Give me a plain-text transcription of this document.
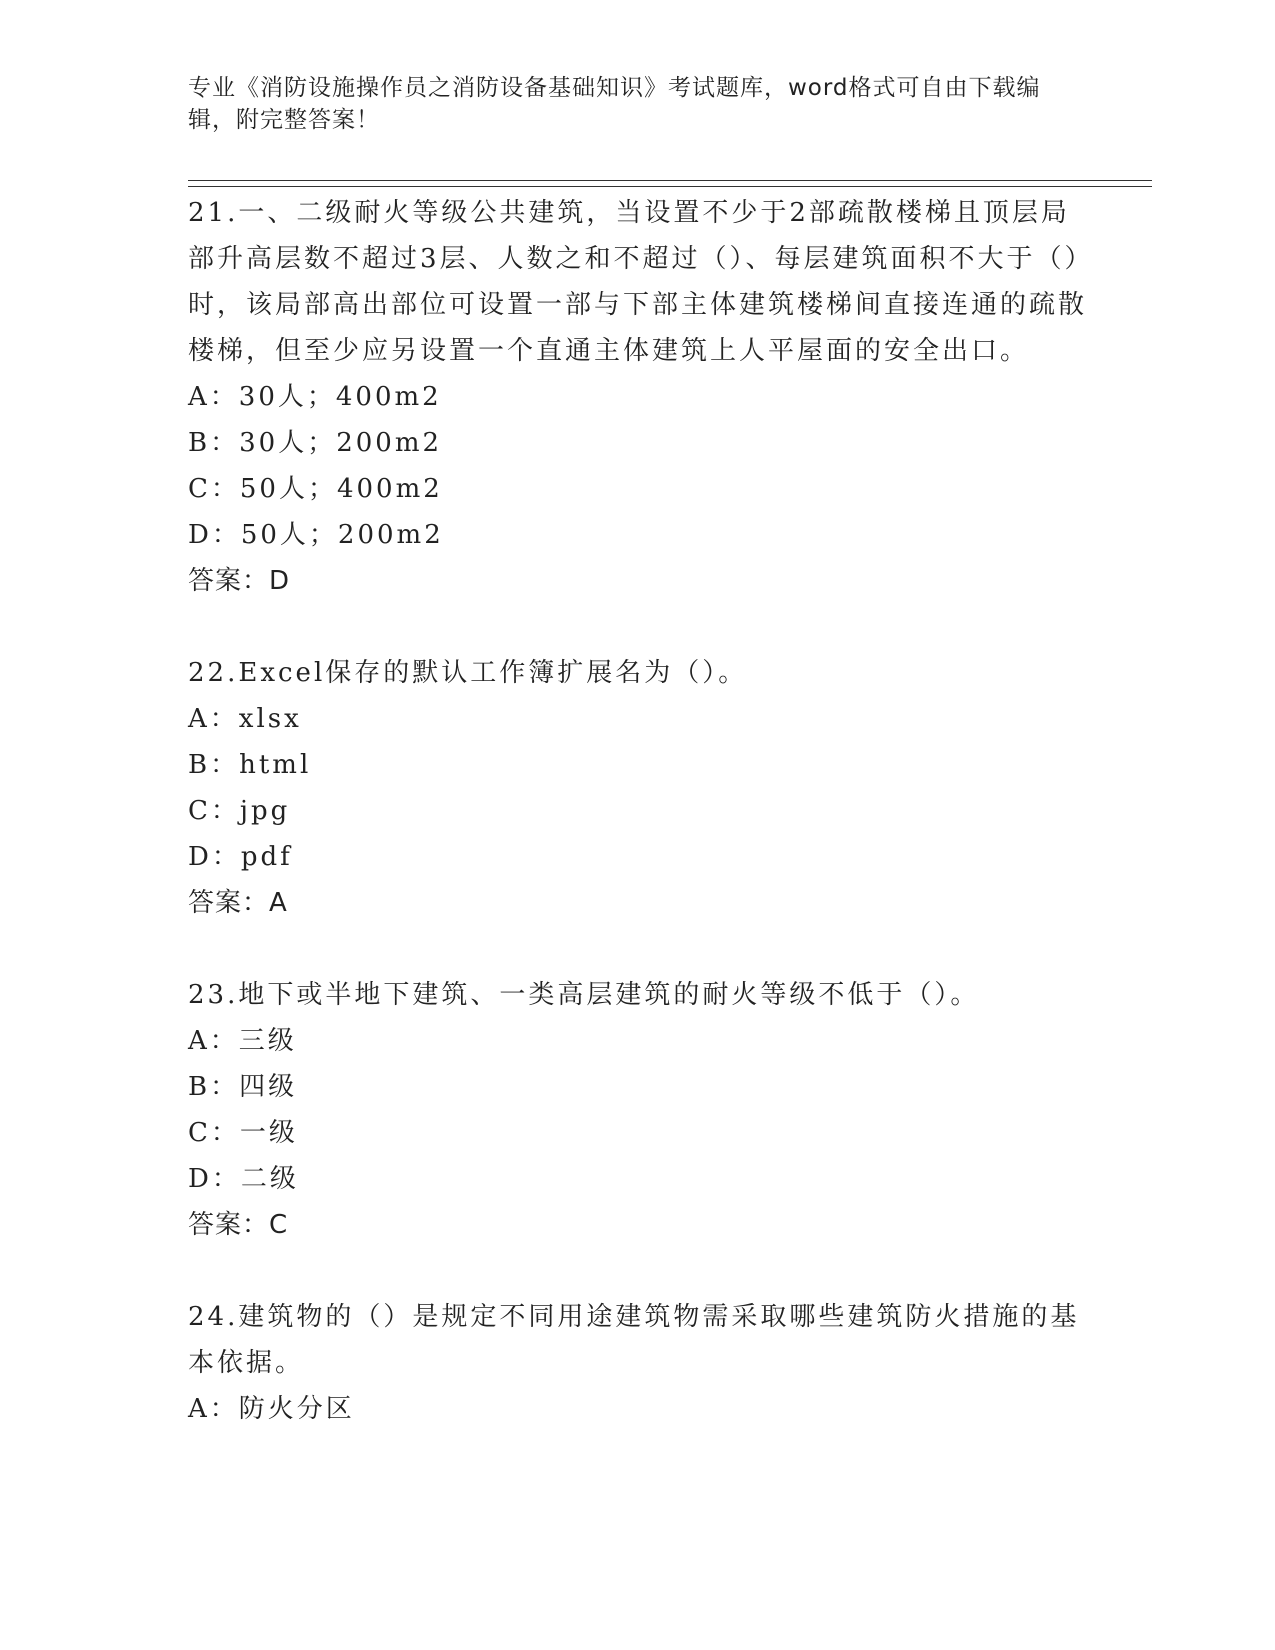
专业《消防设施操作员之消防设备基础知识》考试题库，word格式可自由下载编辑，附完整答案！

21.一、二级耐火等级公共建筑，当设置不少于2部疏散楼梯且顶层局部升高层数不超过3层、人数之和不超过（）、每层建筑面积不大于（）时，该局部高出部位可设置一部与下部主体建筑楼梯间直接连通的疏散楼梯，但至少应另设置一个直通主体建筑上人平屋面的安全出口。

A：30人；400m2

B：30人；200m2

C：50人；400m2

D：50人；200m2

答案：D

22.Excel保存的默认工作簿扩展名为（）。

A：xlsx

B：html

C：jpg

D：pdf

答案：A

23.地下或半地下建筑、一类高层建筑的耐火等级不低于（）。

A：三级

B：四级

C：一级

D：二级

答案：C

24.建筑物的（）是规定不同用途建筑物需采取哪些建筑防火措施的基本依据。

A：防火分区
